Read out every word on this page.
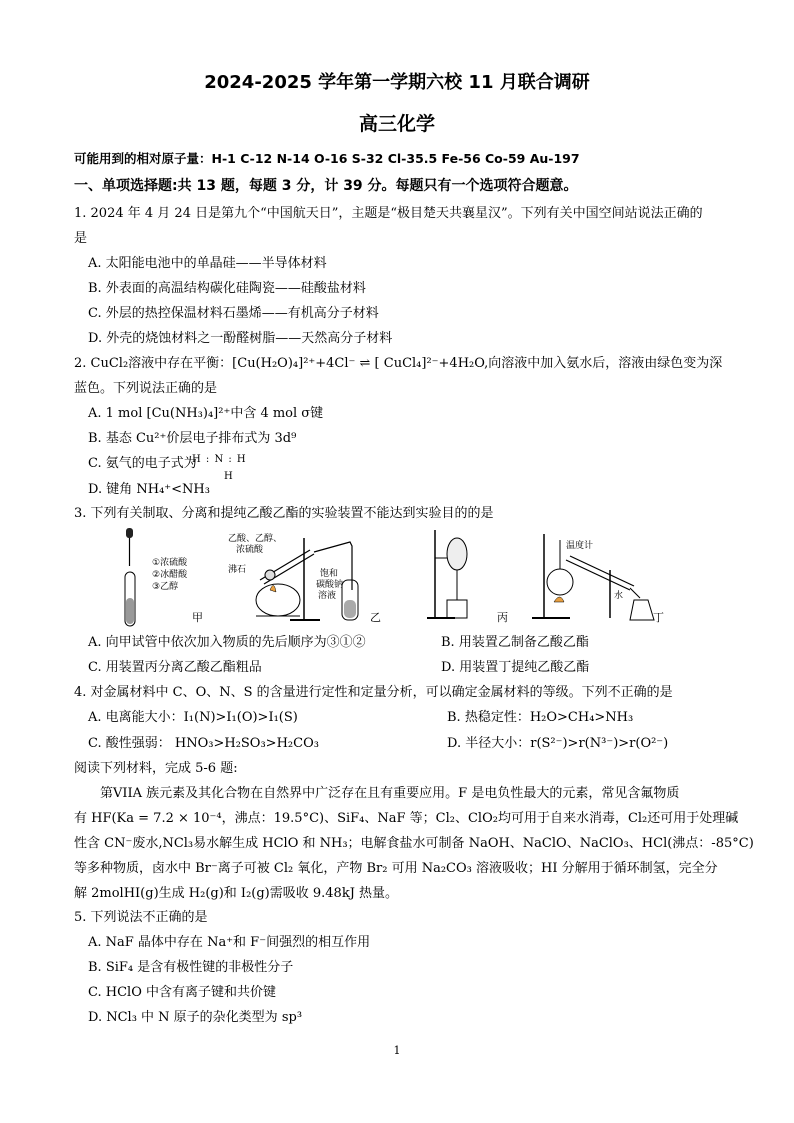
2024-2025 学年第一学期六校 11 月联合调研
高三化学
可能用到的相对原子量：H-1 C-12 N-14 O-16 S-32 Cl-35.5 Fe-56 Co-59 Au-197
一、单项选择题:共 13 题，每题 3 分，计 39 分。每题只有一个选项符合题意。
1. 2024 年 4 月 24 日是第九个“中国航天日”，主题是“极目楚天共襄星汉”。下列有关中国空间站说法正确的
是
A. 太阳能电池中的单晶硅——半导体材料
B. 外表面的高温结构碳化硅陶瓷——硅酸盐材料
C. 外层的热控保温材料石墨烯——有机高分子材料
D. 外壳的烧蚀材料之一酚醛树脂——天然高分子材料
2. CuCl₂溶液中存在平衡：[Cu(H₂O)₄]²⁺+4Cl⁻ ⇌ [ CuCl₄]²⁻+4H₂O,向溶液中加入氨水后，溶液由绿色变为深
蓝色。下列说法正确的是
A. 1 mol [Cu(NH₃)₄]²⁺中含 4 mol σ键
B. 基态 Cu²⁺价层电子排布式为 3d⁹
C. 氨气的电子式为
H : N : H
H
D. 键角 NH₄⁺<NH₃
3. 下列有关制取、分离和提纯乙酸乙酯的实验装置不能达到实验目的的是
①浓硫酸
②冰醋酸
③乙醇
甲
乙酸、乙醇、
浓硫酸
沸石	饱和
碳酸钠
溶液
乙	丙
温度计
水
丁
A. 向甲试管中依次加入物质的先后顺序为③①②	B. 用装置乙制备乙酸乙酯
C. 用装置丙分离乙酸乙酯粗品	D. 用装置丁提纯乙酸乙酯
4. 对金属材料中 C、O、N、S 的含量进行定性和定量分析，可以确定金属材料的等级。下列不正确的是
A. 电离能大小：I₁(N)>I₁(O)>I₁(S)	B. 热稳定性：H₂O>CH₄>NH₃
C. 酸性强弱： HNO₃>H₂SO₃>H₂CO₃	D. 半径大小：r(S²⁻)>r(N³⁻)>r(O²⁻)
阅读下列材料，完成 5-6 题:
第VIIA 族元素及其化合物在自然界中广泛存在且有重要应用。F 是电负性最大的元素，常见含氟物质
有 HF(Ka = 7.2 × 10⁻⁴，沸点：19.5°C)、SiF₄、NaF 等；Cl₂、ClO₂均可用于自来水消毒，Cl₂还可用于处理碱
性含 CN⁻废水,NCl₃易水解生成 HClO 和 NH₃；电解食盐水可制备 NaOH、NaClO、NaClO₃、HCl(沸点：-85°C)
等多种物质，卤水中 Br⁻离子可被 Cl₂ 氧化，产物 Br₂ 可用 Na₂CO₃ 溶液吸收；HI 分解用于循环制氢，完全分
解 2molHI(g)生成 H₂(g)和 I₂(g)需吸收 9.48kJ 热量。
5. 下列说法不正确的是
A. NaF 晶体中存在 Na⁺和 F⁻间强烈的相互作用
B. SiF₄ 是含有极性键的非极性分子
C. HClO 中含有离子键和共价键
D. NCl₃ 中 N 原子的杂化类型为 sp³
1
